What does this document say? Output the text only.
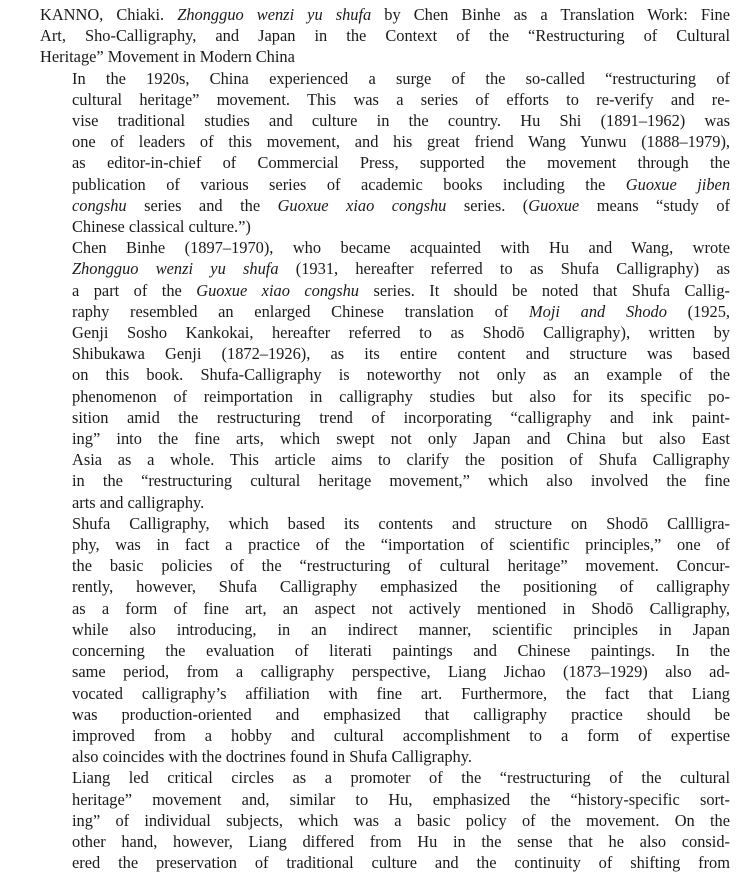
KANNO, Chiaki. Zhongguo wenzi yu shufa by Chen Binhe as a Translation Work: Fine
Art, Sho-Calligraphy, and Japan in the Context of the “Restructuring of Cultural
Heritage” Movement in Modern China

In the 1920s, China experienced a surge of the so-called “restructuring of
cultural heritage” movement. This was a series of efforts to re-verify and re-
vise traditional studies and culture in the country. Hu Shi (1891–1962) was
one of leaders of this movement, and his great friend Wang Yunwu (1888–1979),
as editor-in-chief of Commercial Press, supported the movement through the
publication of various series of academic books including the Guoxue jiben
congshu series and the Guoxue xiao congshu series. (Guoxue means “study of
Chinese classical culture.”)
Chen Binhe (1897–1970), who became acquainted with Hu and Wang, wrote
Zhongguo wenzi yu shufa (1931, hereafter referred to as Shufa Calligraphy) as
a part of the Guoxue xiao congshu series. It should be noted that Shufa Callig-
raphy resembled an enlarged Chinese translation of Moji and Shodo (1925,
Genji Sosho Kankokai, hereafter referred to as Shodō Calligraphy), written by
Shibukawa Genji (1872–1926), as its entire content and structure was based
on this book. Shufa-Calligraphy is noteworthy not only as an example of the
phenomenon of reimportation in calligraphy studies but also for its specific po-
sition amid the restructuring trend of incorporating “calligraphy and ink paint-
ing” into the fine arts, which swept not only Japan and China but also East
Asia as a whole. This article aims to clarify the position of Shufa Calligraphy
in the “restructuring cultural heritage movement,” which also involved the fine
arts and calligraphy.
Shufa Calligraphy, which based its contents and structure on Shodō Callligra-
phy, was in fact a practice of the “importation of scientific principles,” one of
the basic policies of the “restructuring of cultural heritage” movement. Concur-
rently, however, Shufa Calligraphy emphasized the positioning of calligraphy
as a form of fine art, an aspect not actively mentioned in Shodō Calligraphy,
while also introducing, in an indirect manner, scientific principles in Japan
concerning the evaluation of literati paintings and Chinese paintings. In the
same period, from a calligraphy perspective, Liang Jichao (1873–1929) also ad-
vocated calligraphy’s affiliation with fine art. Furthermore, the fact that Liang
was production-oriented and emphasized that calligraphy practice should be
improved from a hobby and cultural accomplishment to a form of expertise
also coincides with the doctrines found in Shufa Calligraphy.
Liang led critical circles as a promoter of the “restructuring of the cultural
heritage” movement and, similar to Hu, emphasized the “history-specific sort-
ing” of individual subjects, which was a basic policy of the movement. On the
other hand, however, Liang differed from Hu in the sense that he also consid-
ered the preservation of traditional culture and the continuity of shifting from
